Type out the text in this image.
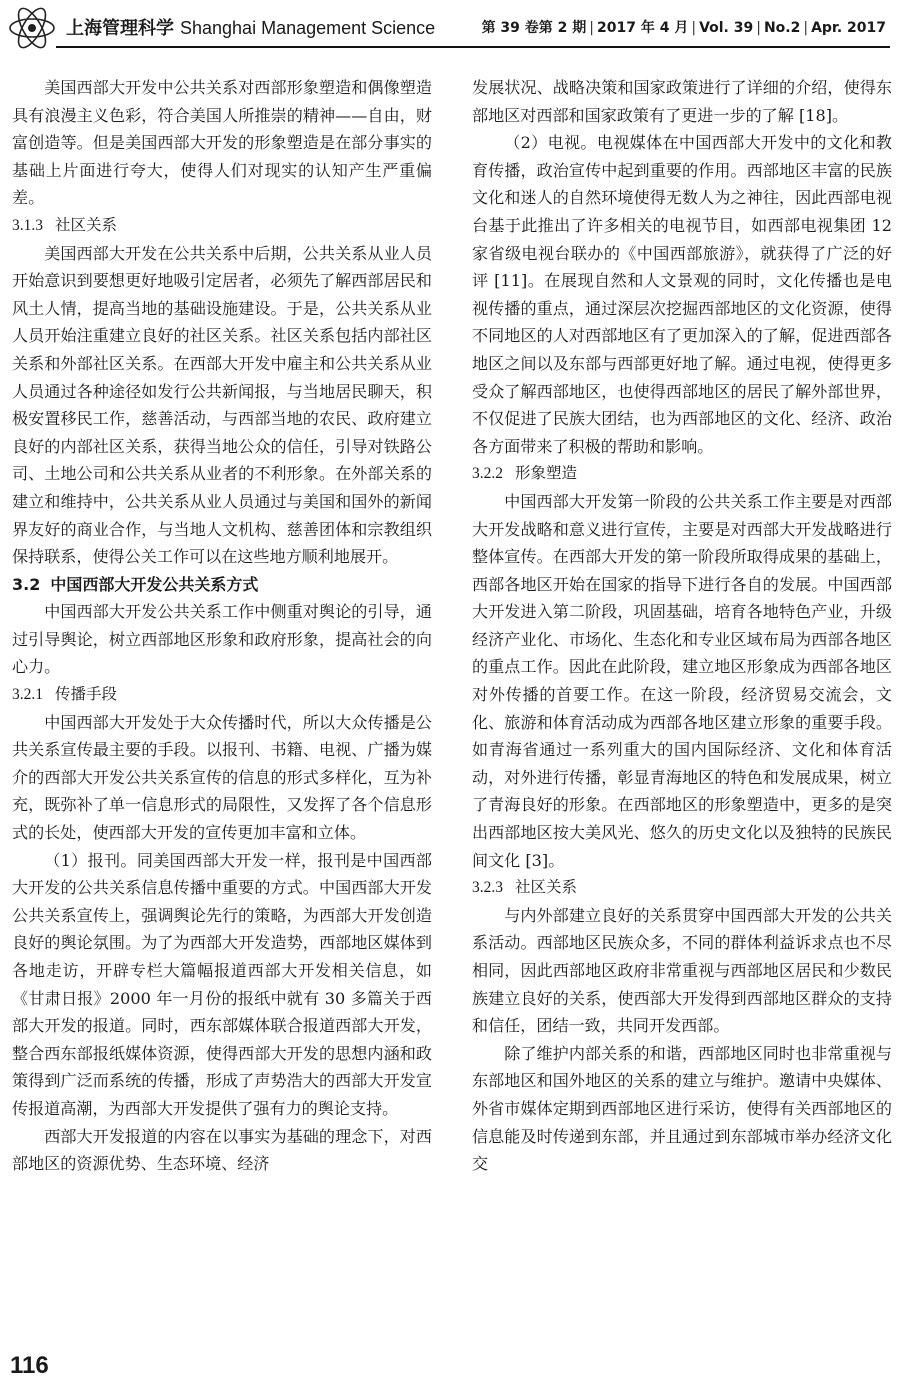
上海管理科学 Shanghai Management Science	第 39 卷第 2 期 | 2017 年 4 月 | Vol. 39 | No.2 | Apr. 2017

美国西部大开发中公共关系对西部形象塑造和偶像塑造具有浪漫主义色彩，符合美国人所推崇的精神——自由，财富创造等。但是美国西部大开发的形象塑造是在部分事实的基础上片面进行夸大，使得人们对现实的认知产生严重偏差。

3.1.3 社区关系

美国西部大开发在公共关系中后期，公共关系从业人员开始意识到要想更好地吸引定居者，必须先了解西部居民和风土人情，提高当地的基础设施建设。于是，公共关系从业人员开始注重建立良好的社区关系。社区关系包括内部社区关系和外部社区关系。在西部大开发中雇主和公共关系从业人员通过各种途径如发行公共新闻报，与当地居民聊天，积极安置移民工作，慈善活动，与西部当地的农民、政府建立良好的内部社区关系，获得当地公众的信任，引导对铁路公司、土地公司和公共关系从业者的不利形象。在外部关系的建立和维持中，公共关系从业人员通过与美国和国外的新闻界友好的商业合作，与当地人文机构、慈善团体和宗教组织保持联系，使得公关工作可以在这些地方顺利地展开。

3.2 中国西部大开发公共关系方式

中国西部大开发公共关系工作中侧重对舆论的引导，通过引导舆论，树立西部地区形象和政府形象，提高社会的向心力。

3.2.1 传播手段

中国西部大开发处于大众传播时代，所以大众传播是公共关系宣传最主要的手段。以报刊、书籍、电视、广播为媒介的西部大开发公共关系宣传的信息的形式多样化，互为补充，既弥补了单一信息形式的局限性，又发挥了各个信息形式的长处，使西部大开发的宣传更加丰富和立体。

（1）报刊。同美国西部大开发一样，报刊是中国西部大开发的公共关系信息传播中重要的方式。中国西部大开发公共关系宣传上，强调舆论先行的策略，为西部大开发创造良好的舆论氛围。为了为西部大开发造势，西部地区媒体到各地走访，开辟专栏大篇幅报道西部大开发相关信息，如《甘肃日报》2000 年一月份的报纸中就有 30 多篇关于西部大开发的报道。同时，西东部媒体联合报道西部大开发，整合西东部报纸媒体资源，使得西部大开发的思想内涵和政策得到广泛而系统的传播，形成了声势浩大的西部大开发宣传报道高潮，为西部大开发提供了强有力的舆论支持。

西部大开发报道的内容在以事实为基础的理念下，对西部地区的资源优势、生态环境、经济

发展状况、战略决策和国家政策进行了详细的介绍，使得东部地区对西部和国家政策有了更进一步的了解 [18]。

（2）电视。电视媒体在中国西部大开发中的文化和教育传播，政治宣传中起到重要的作用。西部地区丰富的民族文化和迷人的自然环境使得无数人为之神往，因此西部电视台基于此推出了许多相关的电视节目，如西部电视集团 12 家省级电视台联办的《中国西部旅游》，就获得了广泛的好评 [11]。在展现自然和人文景观的同时，文化传播也是电视传播的重点，通过深层次挖掘西部地区的文化资源，使得不同地区的人对西部地区有了更加深入的了解，促进西部各地区之间以及东部与西部更好地了解。通过电视，使得更多受众了解西部地区，也使得西部地区的居民了解外部世界，不仅促进了民族大团结，也为西部地区的文化、经济、政治各方面带来了积极的帮助和影响。

3.2.2 形象塑造

中国西部大开发第一阶段的公共关系工作主要是对西部大开发战略和意义进行宣传，主要是对西部大开发战略进行整体宣传。在西部大开发的第一阶段所取得成果的基础上，西部各地区开始在国家的指导下进行各自的发展。中国西部大开发进入第二阶段，巩固基础，培育各地特色产业，升级经济产业化、市场化、生态化和专业区域布局为西部各地区的重点工作。因此在此阶段，建立地区形象成为西部各地区对外传播的首要工作。在这一阶段，经济贸易交流会，文化、旅游和体育活动成为西部各地区建立形象的重要手段。如青海省通过一系列重大的国内国际经济、文化和体育活动，对外进行传播，彰显青海地区的特色和发展成果，树立了青海良好的形象。在西部地区的形象塑造中，更多的是突出西部地区按大美风光、悠久的历史文化以及独特的民族民间文化 [3]。

3.2.3 社区关系

与内外部建立良好的关系贯穿中国西部大开发的公共关系活动。西部地区民族众多，不同的群体利益诉求点也不尽相同，因此西部地区政府非常重视与西部地区居民和少数民族建立良好的关系，使西部大开发得到西部地区群众的支持和信任，团结一致，共同开发西部。

除了维护内部关系的和谐，西部地区同时也非常重视与东部地区和国外地区的关系的建立与维护。邀请中央媒体、外省市媒体定期到西部地区进行采访，使得有关西部地区的信息能及时传递到东部，并且通过到东部城市举办经济文化交

116
